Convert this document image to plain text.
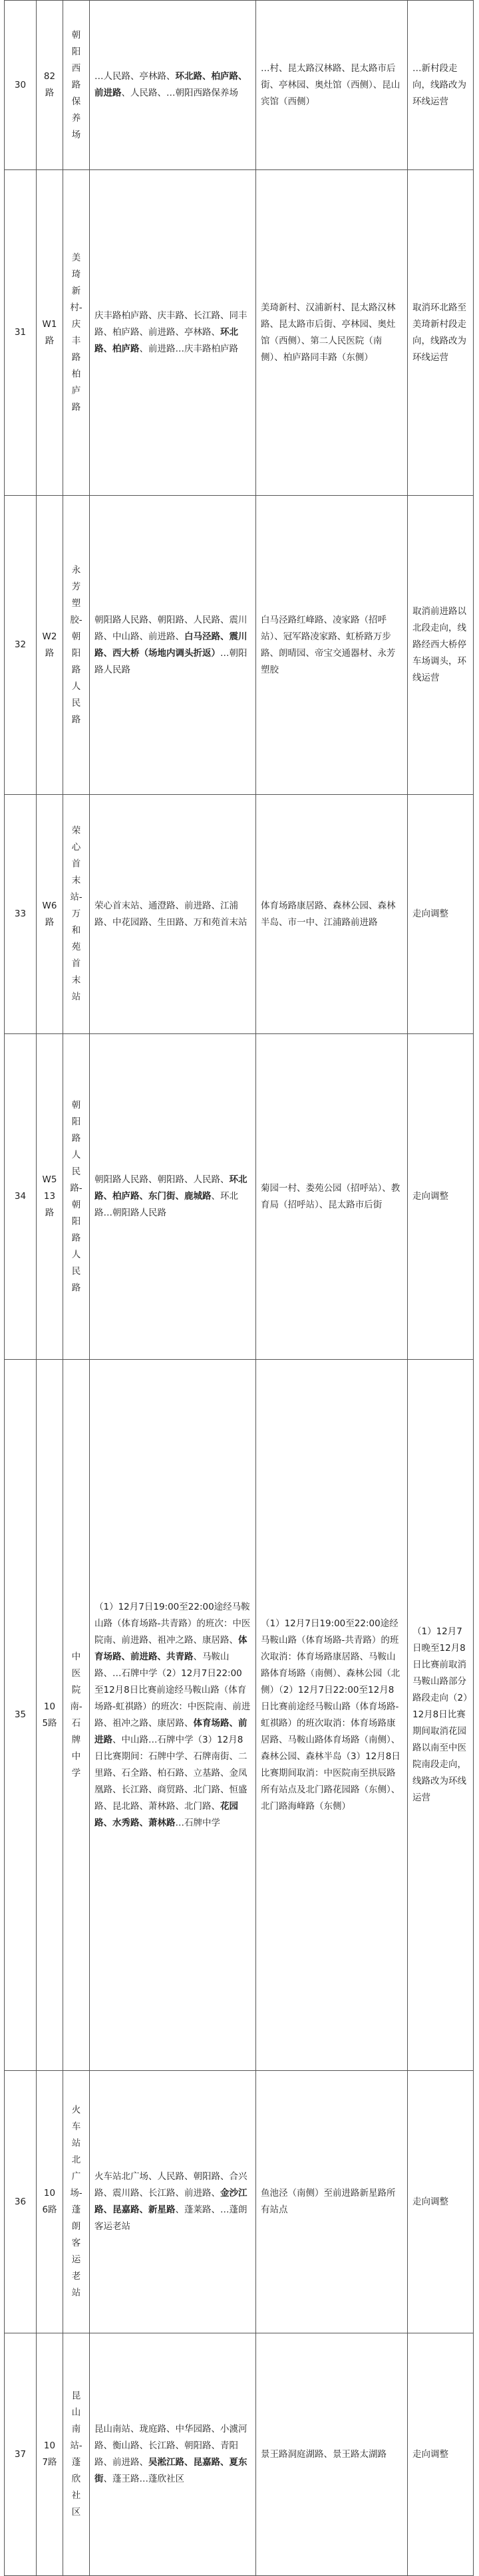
30	82路	朝阳西路保养场	…人民路、亭林路、环北路、柏庐路、前进路、人民路、…朝阳西路保养场	…村、昆太路汉林路、昆太路市后街、亭林园、奥灶馆（西侧）、昆山宾馆（西侧）	…新村段走向，线路改为环线运营
31	W1路	美琦新村-庆丰路柏庐路	庆丰路柏庐路、庆丰路、长江路、同丰路、柏庐路、前进路、亭林路、环北路、柏庐路、前进路…庆丰路柏庐路	美琦新村、汉浦新村、昆太路汉林路、昆太路市后街、亭林园、奥灶馆（西侧）、第二人民医院（南侧）、柏庐路同丰路（东侧）	取消环北路至美琦新村段走向，线路改为环线运营
32	W2路	永芳塑胶-朝阳路人民路	朝阳路人民路、朝阳路、人民路、震川路、中山路、前进路、白马泾路、震川路、西大桥（场地内调头折返）…朝阳路人民路	白马泾路红峰路、凌家路（招呼站）、冠军路凌家路、虹桥路万步路、朗晴园、帝宝交通器材、永芳塑胶	取消前进路以北段走向，线路经西大桥停车场调头，环线运营
33	W6路	荣心首末站-万和苑首末站	荣心首末站、通澄路、前进路、江浦路、中花园路、生田路、万和苑首末站	体育场路康居路、森林公园、森林半岛、市一中、江浦路前进路	走向调整
34	W513路	朝阳路人民路-朝阳路人民路	朝阳路人民路、朝阳路、人民路、环北路、柏庐路、东门街、鹿城路、环北路…朝阳路人民路	菊园一村、娄苑公园（招呼站）、教育局（招呼站）、昆太路市后街	走向调整
35	105路	中医院南-石牌中学	（1）12月7日19:00至22:00途经马鞍山路（体育场路-共青路）的班次：中医院南、前进路、祖冲之路、康居路、体育场路、前进路、共青路、马鞍山路、…石牌中学（2）12月7日22:00至12月8日比赛前途经马鞍山路（体育场路-虹祺路）的班次：中医院南、前进路、祖冲之路、康居路、体育场路、前进路、中山路…石牌中学（3）12月8日比赛期间：石牌中学、石牌南街、二里路、石全路、柏石路、立基路、金凤凰路、长江路、商贸路、北门路、恒盛路、昆北路、萧林路、北门路、花园路、水秀路、萧林路…石牌中学	（1）12月7日19:00至22:00途经马鞍山路（体育场路-共青路）的班次取消：体育场路康居路、马鞍山路体育场路（南侧）、森林公园（北侧）（2）12月7日22:00至12月8日比赛前途经马鞍山路（体育场路-虹祺路）的班次取消：体育场路康居路、马鞍山路体育场路（南侧）、森林公园、森林半岛（3）12月8日比赛期间取消：中医院南至拱辰路所有站点及北门路花园路（东侧）、北门路海峰路（东侧）	（1）12月7日晚至12月8日比赛前取消马鞍山路部分路段走向（2）12月8日比赛期间取消花园路以南至中医院南段走向，线路改为环线运营
36	106路	火车站北广场-蓬朗客运老站	火车站北广场、人民路、朝阳路、合兴路、震川路、长江路、前进路、金沙江路、昆嘉路、新星路、蓬莱路、…蓬朗客运老站	鱼池泾（南侧）至前进路新星路所有站点	走向调整
37	107路	昆山南站-蓬欣社区	昆山南站、珑庭路、中华园路、小澞河路、衡山路、长江路、朝阳路、青阳路、前进路、吴淞江路、昆嘉路、夏东街、蓬王路…蓬欣社区	景王路洞庭湖路、景王路太湖路	走向调整
